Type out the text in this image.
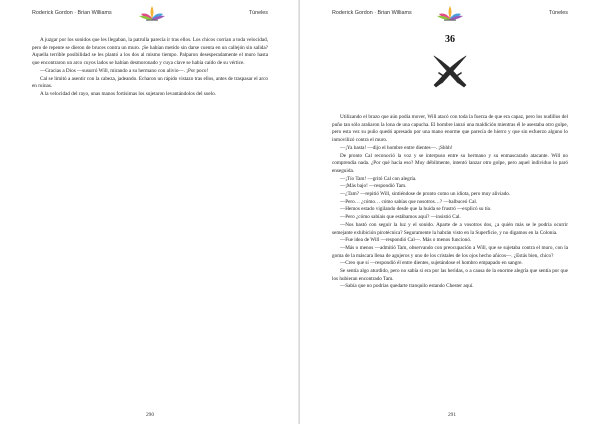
Roderick Gordon · Brian Williams	Túneles

A juzgar por los sonidos que les llegaban, la patrulla parecía ir tras ellos. Los chicos corrían a toda velocidad, pero de repente se dieron de bruces contra un muro. ¡Se habían metido sin darse cuenta en un callejón sin salida? Aquella terrible posibilidad se les plantó a los dos al mismo tiempo. Palparon desesperadamente el muro hasta que encontraron un arco cuyos lados se habían desmoronado y cuya clave se había caído de su vértice.

—Gracias a Dios —susurró Will, mirando a su hermano con alivio—. ¡Por poco!

Cal se limitó a asentir con la cabeza, jadeando. Echaron un rápido vistazo tras ellos, antes de traspasar el arco en ruinas.

A la velocidad del rayo, unas manos fortísimas los sujetaron levantándolos del suelo.

290
Roderick Gordon · Brian Williams	Túneles
36

Utilizando el brazo que aún podía mover, Will atacó con toda la fuerza de que era capaz, pero los nudillos del puño tan sólo arañaron la lona de una capucha. El hombre lanzó una maldición mientras él le asestaba otro golpe, pero esta vez su puño quedó apresado por una mano enorme que parecía de hierro y que sin esfuerzo alguno lo inmovilizó contra el muro.

—¡Ya basta! —dijo el hombre entre dientes—. ¡Shhh!

De pronto Cal reconoció la voz y se interpuso entre su hermano y su enmascarado atacante. Will no comprendía nada. ¿Por qué hacía eso? Muy débilmente, intentó lanzar otro golpe, pero aquel individuo lo paró enseguida.

—¡Tío Tam! —gritó Cal con alegría.

—¡Más bajo! —respondió Tam.

—¿Tam? —repitió Will, sintiéndose de pronto como un idiota, pero muy aliviado.

—Pero… ¿cómo… cómo sabías que nosotros…? —balbuceó Cal.

—Hemos estado vigilando desde que la huida se frustró —explicó su tío.

—Pero ¿cómo sabíais que estábamos aquí? —insistió Cal.

—Nos bastó con seguir la luz y el sonido. Aparte de a vosotros dos, ¿a quién más se le podría ocurrir semejante exhibición pirotécnica? Seguramente la habrán visto en la Superficie, y no digamos en la Colonia.

—Fue idea de Will —respondió Cal—. Más o menos funcionó.

—Más o menos —admitió Tam, observando con preocupación a Will, que se sujetaba contra el muro, con la goma de la máscara llena de agujeros y uno de los cristales de los ojos hecho añicos—. ¿Estás bien, chico?

—Creo que sí —respondió él entre dientes, sujetándose el hombro empapado en sangre.

Se sentía algo aturdido, pero no sabía si era por las heridas, o a causa de la enorme alegría que sentía por que los hubieran encontrado Tam.

—Sabía que no podrías quedarte tranquilo estando Chester aquí.

291
